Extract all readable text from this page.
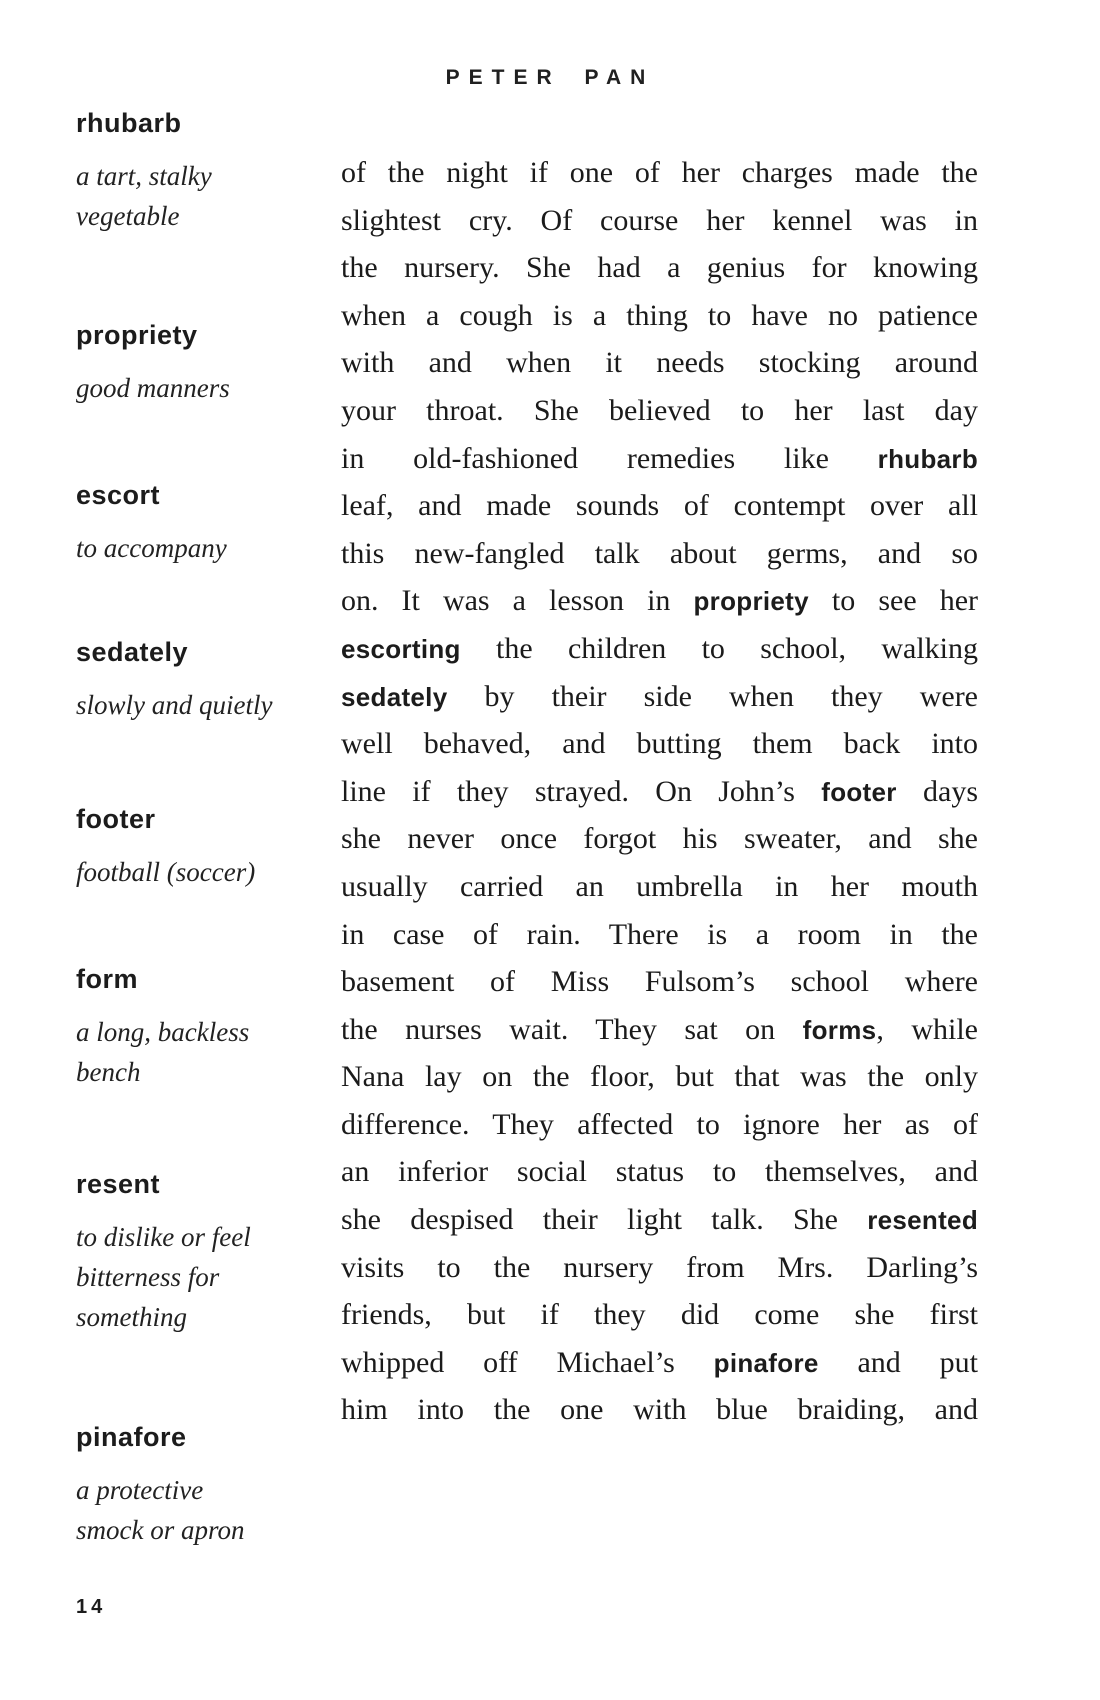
PETER PAN
rhubarb
a tart, stalky
vegetable
propriety
good manners
escort
to accompany
sedately
slowly and quietly
footer
football (soccer)
form
a long, backless
bench
resent
to dislike or feel
bitterness for
something
pinafore
a protective
smock or apron
of the night if one of her charges made the
slightest cry. Of course her kennel was in
the nursery. She had a genius for knowing
when a cough is a thing to have no patience
with and when it needs stocking around
your throat. She believed to her last day
in old-fashioned remedies like rhubarb
leaf, and made sounds of contempt over all
this new-fangled talk about germs, and so
on. It was a lesson in propriety to see her
escorting the children to school, walking
sedately by their side when they were
well behaved, and butting them back into
line if they strayed. On John’s footer days
she never once forgot his sweater, and she
usually carried an umbrella in her mouth
in case of rain. There is a room in the
basement of Miss Fulsom’s school where
the nurses wait. They sat on forms, while
Nana lay on the floor, but that was the only
difference. They affected to ignore her as of
an inferior social status to themselves, and
she despised their light talk. She resented
visits to the nursery from Mrs. Darling’s
friends, but if they did come she first
whipped off Michael’s pinafore and put
him into the one with blue braiding, and
14
